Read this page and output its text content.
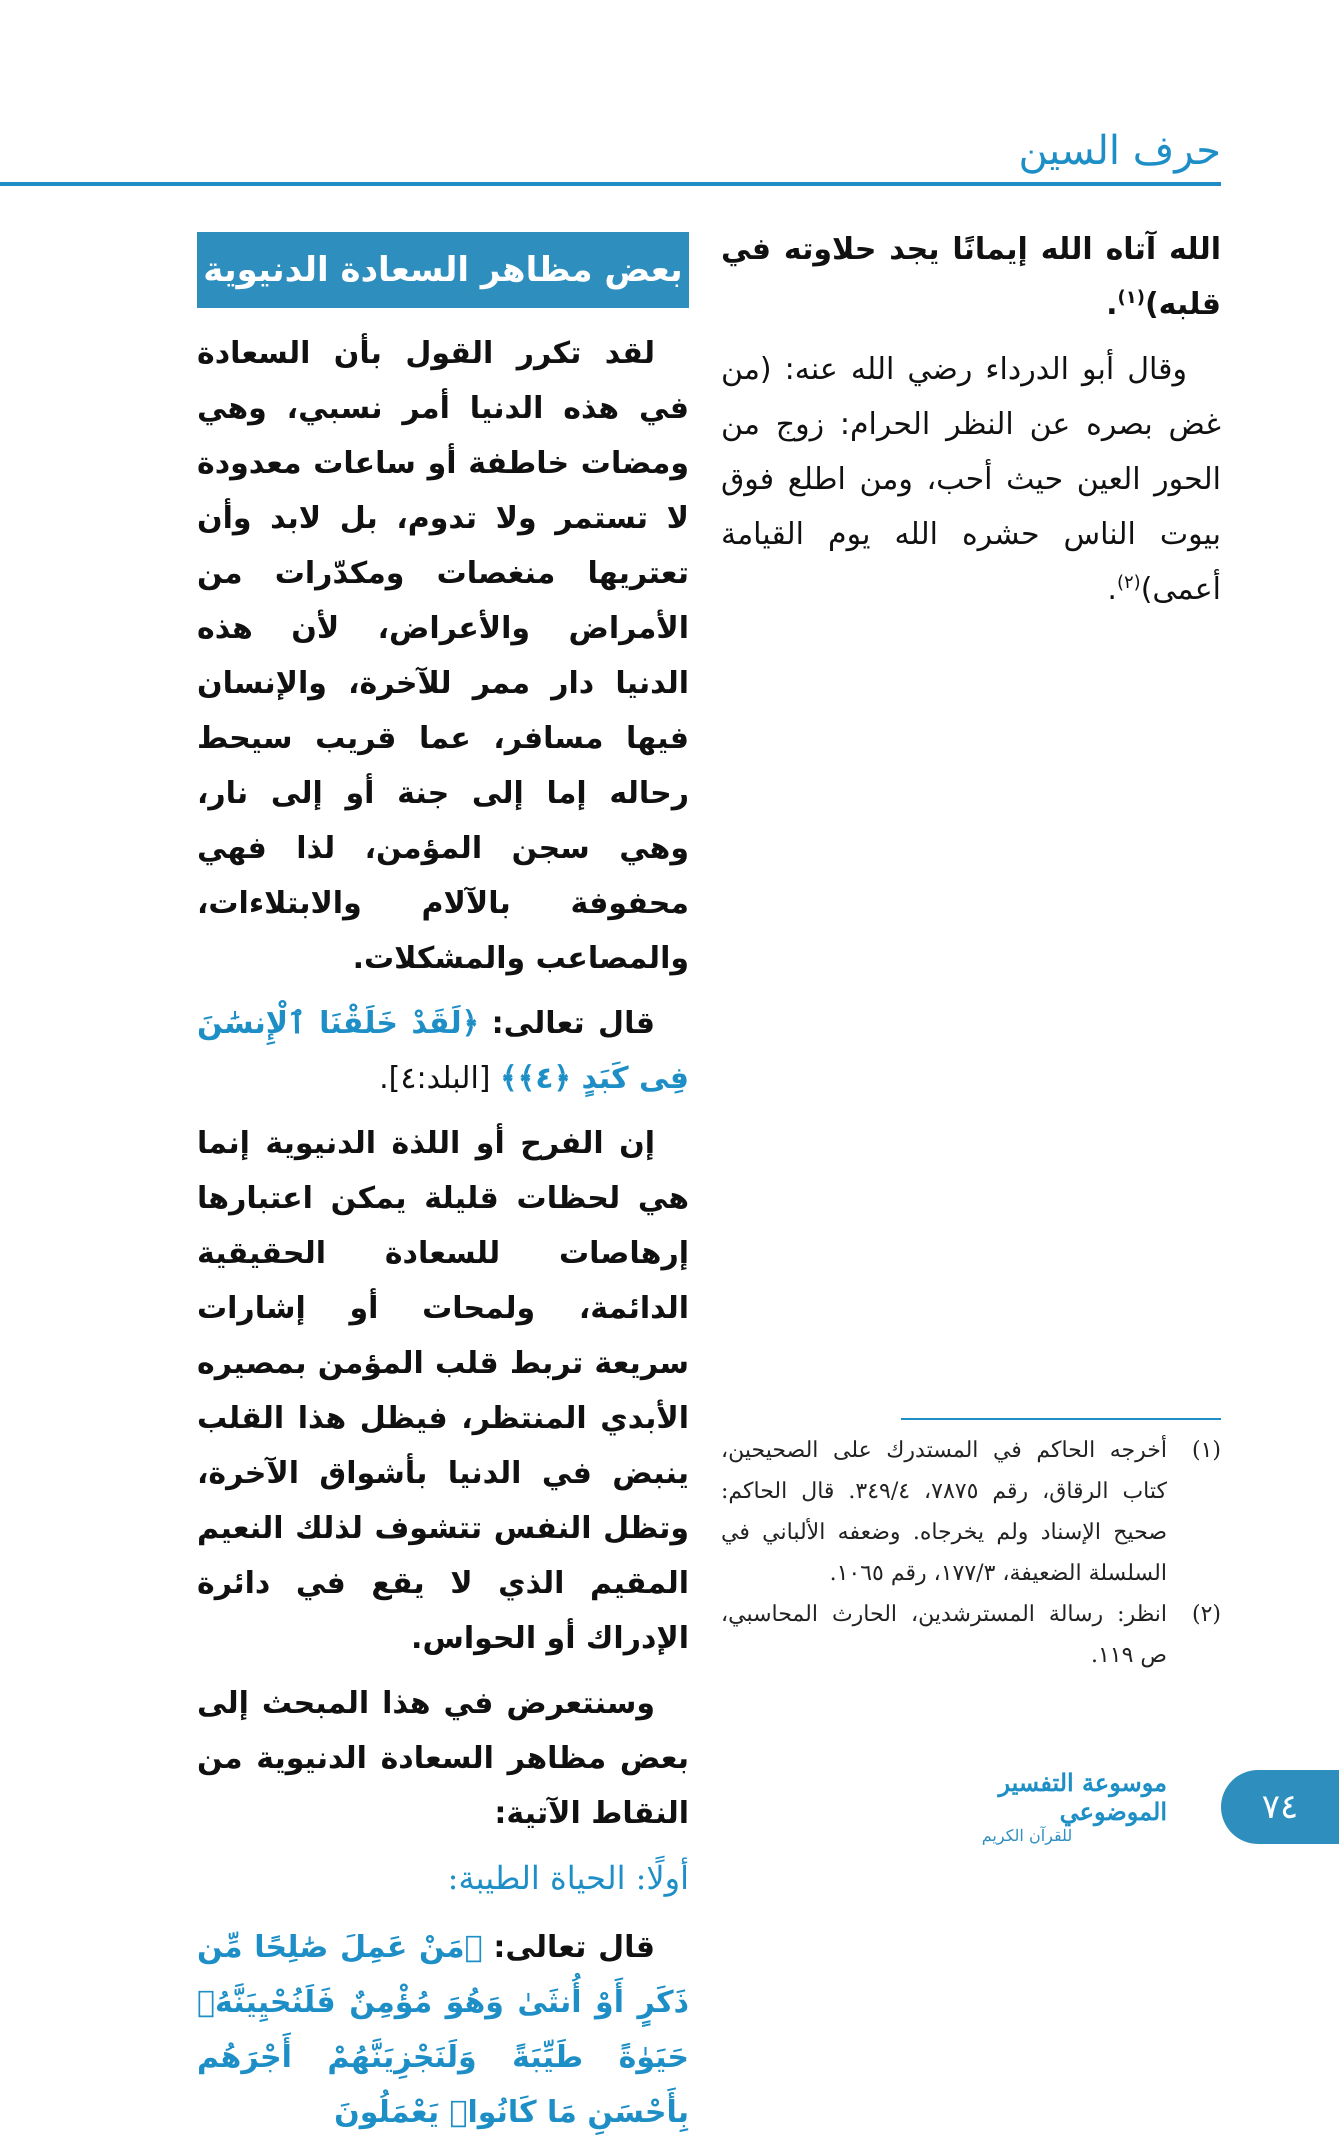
حرف السين

الله آتاه الله إيمانًا يجد حلاوته في قلبه)$^{(١)}$.

وقال أبو الدرداء رضي الله عنه: (من غض بصره عن النظر الحرام: زوج من الحور العين حيث أحب، ومن اطلع فوق بيوت الناس حشره الله يوم القيامة أعمى)$^{(٢)}$.

بعض مظاهر السعادة الدنيوية

لقد تكرر القول بأن السعادة في هذه الدنيا أمر نسبي، وهي ومضات خاطفة أو ساعات معدودة لا تستمر ولا تدوم، بل لابد وأن تعتريها منغصات ومكدّرات من الأمراض والأعراض، لأن هذه الدنيا دار ممر للآخرة، والإنسان فيها مسافر، عما قريب سيحط رحاله إما إلى جنة أو إلى نار، وهي سجن المؤمن، لذا فهي محفوفة بالآلام والابتلاءات، والمصاعب والمشكلات.

قال تعالى: ﴿لَقَدْ خَلَقْنَا ٱلْإِنسَٰنَ فِى كَبَدٍ ﴿٤﴾﴾ [البلد:٤].

إن الفرح أو اللذة الدنيوية إنما هي لحظات قليلة يمكن اعتبارها إرهاصات للسعادة الحقيقية الدائمة، ولمحات أو إشارات سريعة تربط قلب المؤمن بمصيره الأبدي المنتظر، فيظل هذا القلب ينبض في الدنيا بأشواق الآخرة، وتظل النفس تتشوف لذلك النعيم المقيم الذي لا يقع في دائرة الإدراك أو الحواس.

وسنتعرض في هذا المبحث إلى بعض مظاهر السعادة الدنيوية من النقاط الآتية:

أولًا: الحياة الطيبة:

قال تعالى: ﴿مَنْ عَمِلَ صَٰلِحًا مِّن ذَكَرٍ أَوْ أُنثَىٰ وَهُوَ مُؤْمِنٌ فَلَنُحْيِيَنَّهُۥ حَيَوٰةً طَيِّبَةً وَلَنَجْزِيَنَّهُمْ أَجْرَهُم بِأَحْسَنِ مَا كَانُوا۟ يَعْمَلُونَ

(١)
أخرجه الحاكم في المستدرك على الصحيحين، كتاب الرقاق، رقم ٧٨٧٥، ٣٤٩/٤. قال الحاكم: صحيح الإسناد ولم يخرجاه. وضعفه الألباني في السلسلة الضعيفة، ١٧٧/٣، رقم ١٠٦٥.
(٢)
انظر: رسالة المسترشدين، الحارث المحاسبي، ص ١١٩.
موسوعة التفسير الموضوعي
للقرآن الكريم
٧٤
